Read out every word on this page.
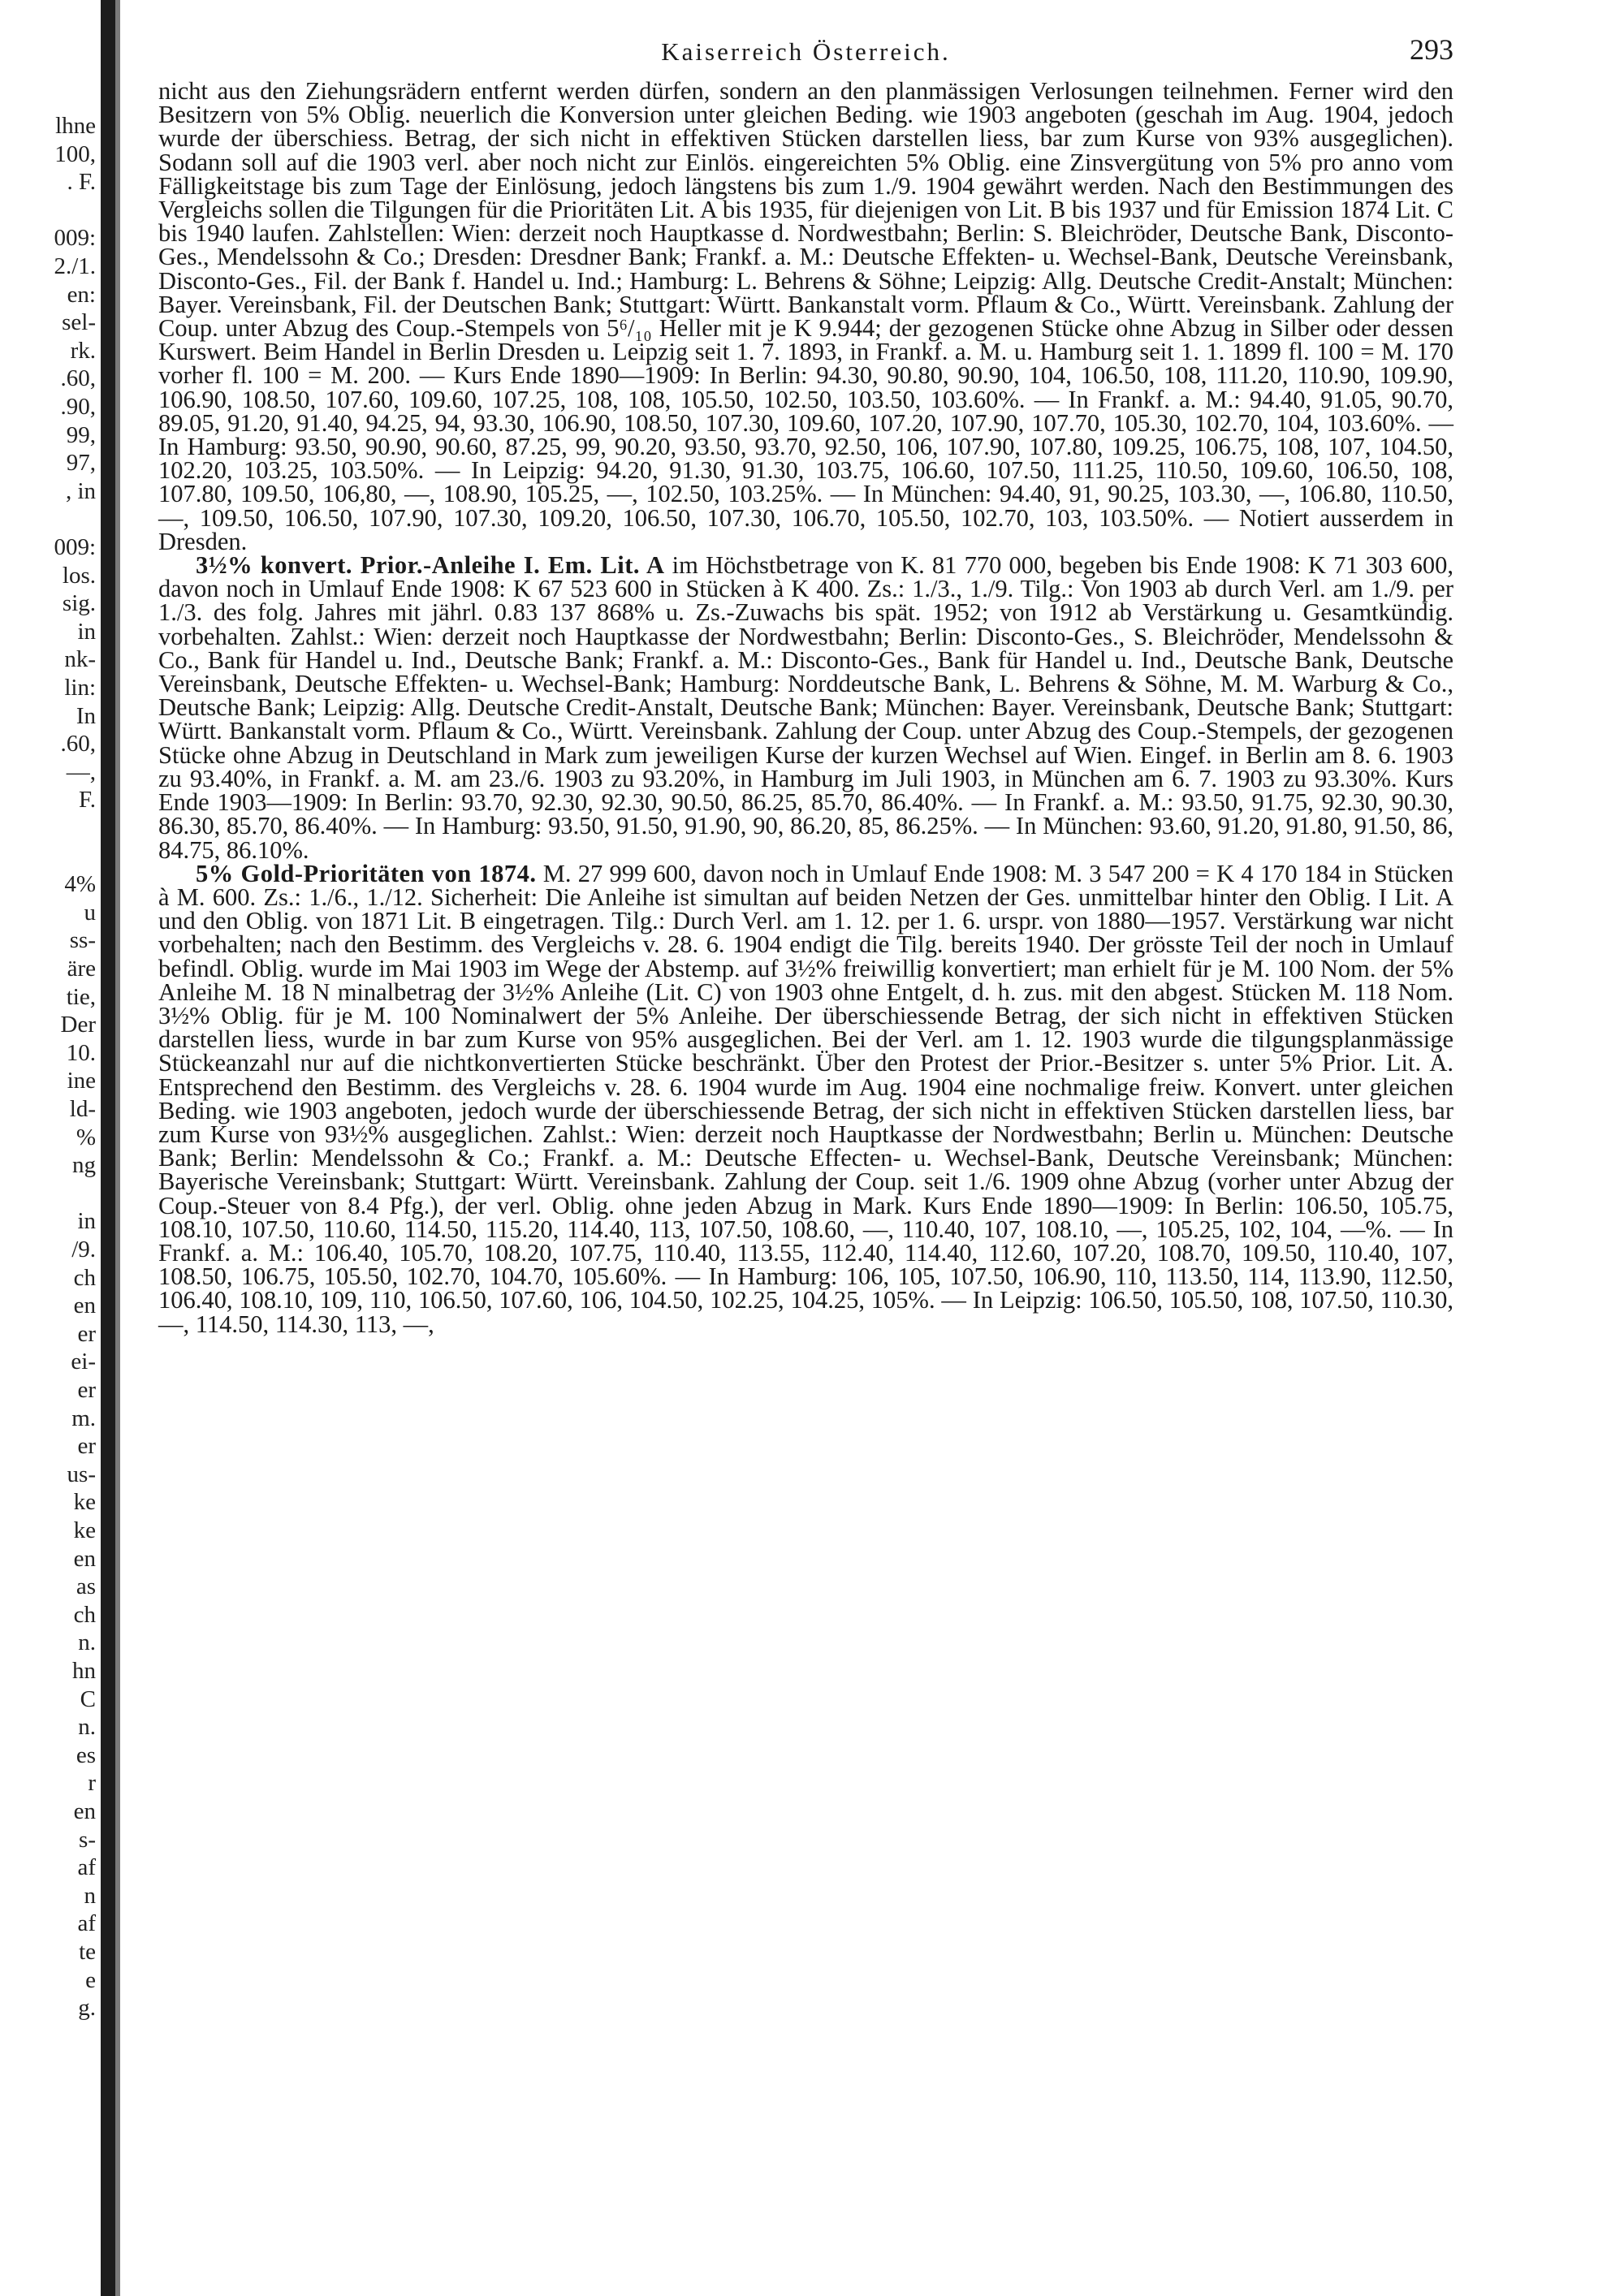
lhne
100,
. F.
009:
2./1.
en:
sel-
rk.
.60,
.90,
99,
97,
, in
009:
los.
sig.
in
nk-
lin:
In
.60,
—,
F.
4%
u
ss-
äre
tie,
Der
10.
ine
ld-
%
ng
in
/9.
ch
en
er
ei-
er
m.
er
us-
ke
ke
en
as
ch
n.
hn
C
n.
es
r
en
s-
af
n
af
te
e
g.
Kaiserreich Österreich.	293

nicht aus den Ziehungsrädern entfernt werden dürfen, sondern an den planmässigen Verlosungen teilnehmen. Ferner wird den Besitzern von 5% Oblig. neuerlich die Konversion unter gleichen Beding. wie 1903 angeboten (geschah im Aug. 1904, jedoch wurde der überschiess. Betrag, der sich nicht in effektiven Stücken darstellen liess, bar zum Kurse von 93% ausgeglichen). Sodann soll auf die 1903 verl. aber noch nicht zur Einlös. eingereichten 5% Oblig. eine Zinsvergütung von 5% pro anno vom Fälligkeitstage bis zum Tage der Einlösung, jedoch längstens bis zum 1./9. 1904 gewährt werden. Nach den Bestimmungen des Vergleichs sollen die Tilgungen für die Prioritäten Lit. A bis 1935, für diejenigen von Lit. B bis 1937 und für Emission 1874 Lit. C bis 1940 laufen. Zahlstellen: Wien: derzeit noch Hauptkasse d. Nordwestbahn; Berlin: S. Bleichröder, Deutsche Bank, Disconto-Ges., Mendelssohn & Co.; Dresden: Dresdner Bank; Frankf. a. M.: Deutsche Effekten- u. Wechsel-Bank, Deutsche Vereinsbank, Disconto-Ges., Fil. der Bank f. Handel u. Ind.; Hamburg: L. Behrens & Söhne; Leipzig: Allg. Deutsche Credit-Anstalt; München: Bayer. Vereinsbank, Fil. der Deutschen Bank; Stuttgart: Württ. Bankanstalt vorm. Pflaum & Co., Württ. Vereinsbank. Zahlung der Coup. unter Abzug des Coup.-Stempels von 5⁶/₁₀ Heller mit je K 9.944; der gezogenen Stücke ohne Abzug in Silber oder dessen Kurswert. Beim Handel in Berlin Dresden u. Leipzig seit 1. 7. 1893, in Frankf. a. M. u. Hamburg seit 1. 1. 1899 fl. 100 = M. 170 vorher fl. 100 = M. 200. — Kurs Ende 1890—1909: In Berlin: 94.30, 90.80, 90.90, 104, 106.50, 108, 111.20, 110.90, 109.90, 106.90, 108.50, 107.60, 109.60, 107.25, 108, 108, 105.50, 102.50, 103.50, 103.60%. — In Frankf. a. M.: 94.40, 91.05, 90.70, 89.05, 91.20, 91.40, 94.25, 94, 93.30, 106.90, 108.50, 107.30, 109.60, 107.20, 107.90, 107.70, 105.30, 102.70, 104, 103.60%. — In Hamburg: 93.50, 90.90, 90.60, 87.25, 99, 90.20, 93.50, 93.70, 92.50, 106, 107.90, 107.80, 109.25, 106.75, 108, 107, 104.50, 102.20, 103.25, 103.50%. — In Leipzig: 94.20, 91.30, 91.30, 103.75, 106.60, 107.50, 111.25, 110.50, 109.60, 106.50, 108, 107.80, 109.50, 106,80, —, 108.90, 105.25, —, 102.50, 103.25%. — In München: 94.40, 91, 90.25, 103.30, —, 106.80, 110.50, —, 109.50, 106.50, 107.90, 107.30, 109.20, 106.50, 107.30, 106.70, 105.50, 102.70, 103, 103.50%. — Notiert ausserdem in Dresden.

3½% konvert. Prior.-Anleihe I. Em. Lit. A im Höchstbetrage von K. 81 770 000, begeben bis Ende 1908: K 71 303 600, davon noch in Umlauf Ende 1908: K 67 523 600 in Stücken à K 400. Zs.: 1./3., 1./9. Tilg.: Von 1903 ab durch Verl. am 1./9. per 1./3. des folg. Jahres mit jährl. 0.83 137 868% u. Zs.-Zuwachs bis spät. 1952; von 1912 ab Verstärkung u. Gesamtkündig. vorbehalten. Zahlst.: Wien: derzeit noch Hauptkasse der Nordwestbahn; Berlin: Disconto-Ges., S. Bleichröder, Mendelssohn & Co., Bank für Handel u. Ind., Deutsche Bank; Frankf. a. M.: Disconto-Ges., Bank für Handel u. Ind., Deutsche Bank, Deutsche Vereinsbank, Deutsche Effekten- u. Wechsel-Bank; Hamburg: Norddeutsche Bank, L. Behrens & Söhne, M. M. Warburg & Co., Deutsche Bank; Leipzig: Allg. Deutsche Credit-Anstalt, Deutsche Bank; München: Bayer. Vereinsbank, Deutsche Bank; Stuttgart: Württ. Bankanstalt vorm. Pflaum & Co., Württ. Vereinsbank. Zahlung der Coup. unter Abzug des Coup.-Stempels, der gezogenen Stücke ohne Abzug in Deutschland in Mark zum jeweiligen Kurse der kurzen Wechsel auf Wien. Eingef. in Berlin am 8. 6. 1903 zu 93.40%, in Frankf. a. M. am 23./6. 1903 zu 93.20%, in Hamburg im Juli 1903, in München am 6. 7. 1903 zu 93.30%. Kurs Ende 1903—1909: In Berlin: 93.70, 92.30, 92.30, 90.50, 86.25, 85.70, 86.40%. — In Frankf. a. M.: 93.50, 91.75, 92.30, 90.30, 86.30, 85.70, 86.40%. — In Hamburg: 93.50, 91.50, 91.90, 90, 86.20, 85, 86.25%. — In München: 93.60, 91.20, 91.80, 91.50, 86, 84.75, 86.10%.

5% Gold-Prioritäten von 1874. M. 27 999 600, davon noch in Umlauf Ende 1908: M. 3 547 200 = K 4 170 184 in Stücken à M. 600. Zs.: 1./6., 1./12. Sicherheit: Die Anleihe ist simultan auf beiden Netzen der Ges. unmittelbar hinter den Oblig. I Lit. A und den Oblig. von 1871 Lit. B eingetragen. Tilg.: Durch Verl. am 1. 12. per 1. 6. urspr. von 1880—1957. Verstärkung war nicht vorbehalten; nach den Bestimm. des Vergleichs v. 28. 6. 1904 endigt die Tilg. bereits 1940. Der grösste Teil der noch in Umlauf befindl. Oblig. wurde im Mai 1903 im Wege der Abstemp. auf 3½% freiwillig konvertiert; man erhielt für je M. 100 Nom. der 5% Anleihe M. 18 N minalbetrag der 3½% Anleihe (Lit. C) von 1903 ohne Entgelt, d. h. zus. mit den abgest. Stücken M. 118 Nom. 3½% Oblig. für je M. 100 Nominalwert der 5% Anleihe. Der überschiessende Betrag, der sich nicht in effektiven Stücken darstellen liess, wurde in bar zum Kurse von 95% ausgeglichen. Bei der Verl. am 1. 12. 1903 wurde die tilgungsplanmässige Stückeanzahl nur auf die nichtkonvertierten Stücke beschränkt. Über den Protest der Prior.-Besitzer s. unter 5% Prior. Lit. A. Entsprechend den Bestimm. des Vergleichs v. 28. 6. 1904 wurde im Aug. 1904 eine nochmalige freiw. Konvert. unter gleichen Beding. wie 1903 angeboten, jedoch wurde der überschiessende Betrag, der sich nicht in effektiven Stücken darstellen liess, bar zum Kurse von 93½% ausgeglichen. Zahlst.: Wien: derzeit noch Hauptkasse der Nordwestbahn; Berlin u. München: Deutsche Bank; Berlin: Mendelssohn & Co.; Frankf. a. M.: Deutsche Effecten- u. Wechsel-Bank, Deutsche Vereinsbank; München: Bayerische Vereinsbank; Stuttgart: Württ. Vereinsbank. Zahlung der Coup. seit 1./6. 1909 ohne Abzug (vorher unter Abzug der Coup.-Steuer von 8.4 Pfg.), der verl. Oblig. ohne jeden Abzug in Mark. Kurs Ende 1890—1909: In Berlin: 106.50, 105.75, 108.10, 107.50, 110.60, 114.50, 115.20, 114.40, 113, 107.50, 108.60, —, 110.40, 107, 108.10, —, 105.25, 102, 104, —%. — In Frankf. a. M.: 106.40, 105.70, 108.20, 107.75, 110.40, 113.55, 112.40, 114.40, 112.60, 107.20, 108.70, 109.50, 110.40, 107, 108.50, 106.75, 105.50, 102.70, 104.70, 105.60%. — In Hamburg: 106, 105, 107.50, 106.90, 110, 113.50, 114, 113.90, 112.50, 106.40, 108.10, 109, 110, 106.50, 107.60, 106, 104.50, 102.25, 104.25, 105%. — In Leipzig: 106.50, 105.50, 108, 107.50, 110.30, —, 114.50, 114.30, 113, —,
